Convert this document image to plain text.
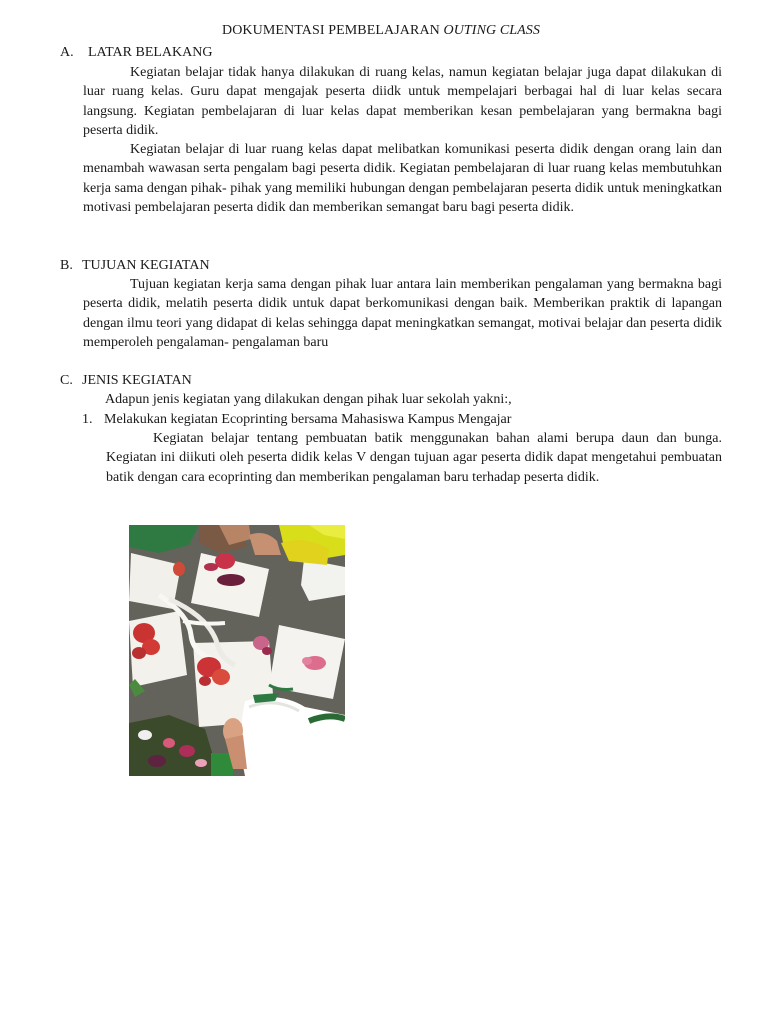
DOKUMENTASI PEMBELAJARAN OUTING CLASS
A. LATAR BELAKANG

Kegiatan belajar tidak hanya dilakukan di ruang kelas, namun kegiatan belajar juga dapat dilakukan di luar ruang kelas. Guru dapat mengajak peserta diidk untuk mempelajari berbagai hal di luar kelas secara langsung. Kegiatan pembelajaran di luar kelas dapat memberikan kesan pembelajaran yang bermakna bagi peserta didik.

Kegiatan belajar di luar ruang kelas dapat melibatkan komunikasi peserta didik dengan orang lain dan menambah wawasan serta pengalam bagi peserta didik. Kegiatan pembelajaran di luar ruang kelas membutuhkan kerja sama dengan pihak- pihak yang memiliki hubungan dengan pembelajaran peserta didik untuk meningkatkan motivasi pembelajaran peserta didik dan memberikan semangat baru bagi peserta didik.

B. TUJUAN KEGIATAN

Tujuan kegiatan kerja sama dengan pihak luar antara lain memberikan pengalaman yang bermakna bagi peserta didik, melatih peserta didik untuk dapat berkomunikasi dengan baik. Memberikan praktik di lapangan dengan ilmu teori yang didapat di kelas sehingga dapat meningkatkan semangat, motivai belajar dan peserta didik memperoleh pengalaman- pengalaman baru

C. JENIS KEGIATAN

Adapun jenis kegiatan yang dilakukan dengan pihak luar sekolah yakni:,

1. Melakukan kegiatan Ecoprinting bersama Mahasiswa Kampus Mengajar

Kegiatan belajar tentang pembuatan batik menggunakan bahan alami berupa daun dan bunga. Kegiatan ini diikuti oleh peserta didik kelas V dengan tujuan agar peserta didik dapat mengetahui pembuatan batik dengan cara ecoprinting dan memberikan pengalaman baru terhadap peserta didik.
